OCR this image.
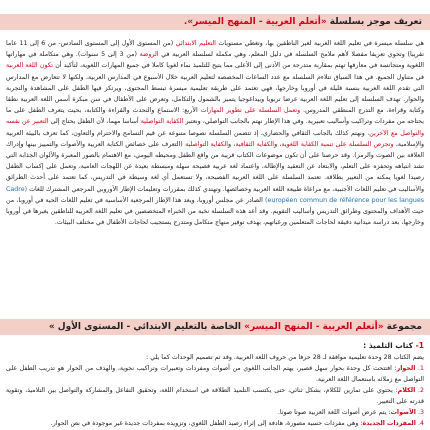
تعريف موجز بسلسلة «أتعلم العربية - المنهج الميسر».
هي سلسلة ميسرة في تعليم اللغة العربية لغير الناطقين بها، وتغطي مستويات التعليم الابتدائي (من المستوى الأول إلى المستوى السادس- من 6 إلى 11 عاما تقريبا) وتحوي تعريفا مفصلا لأهم ملامح السلسلة في دليل المعلم، وهي مكملة لسلسلة العربية في الروضة (من 3 إلى 5 سنوات). وهي متكاملة في مهاراتها اللغوية ومتجانسة في معارفها تهتم بمقاربة متدرجة من الأدنى إلى الأعلى مما يتيح للتلميذ نماء لغويا كاملا في جميع المهارات اللغوية، لتأكيد أن تكون اللغة العربية في متناول الجميع. في هذا السياق تتلاءم السلسلة مع عدد الساعات المخصصة لتعليم العربية خلال الأسبوع في المدارس العربية، ولكنها لا تتعارض مع المدارس التي تقدم اللغة العربية بنسبة قليلة في أوروبا وخارجها، فهي تعتمد على طريقة تعليمية ميسرة تبسط المحتوى، ويرتكز فيها الطفل على المشاهدة والتجربة والحوار. تهدف السلسلة إلى تعليم اللغة العربية عرضا تربويا وبيداغوجيا يتميز بالشمول والتكامل، وتعرض على الأطفال في سن مبكرة أسس اللغة العربية نطقا وكتابة وقراءة، مع التدرج المنطقي المدروس. وتعمل السلسلة على تطوير المهارات الأربع: الاستماع والتحدث والقراءة والكتابة، بحيث يتعرف الطفل على ما يحتاجه من مفردات وتراكيب وأساليب تعبيرية. وفي هذا الإطار نهتم بالجانب التواصلي، ونعتبر الكفاية التواصلية أساسا مهما، لأن الطفل يحتاج إلى التعبير عن نفسه والتواصل مع الآخرين. ونهتم كذلك بالجانب الثقافي والحضاري، إذ تتضمن السلسلة نصوصا متنوعة عن قيم التسامح والاحترام والتعاون، كما تعرف بالبيئة العربية والإسلامية، وتحرص السلسلة على تنمية الكفاية اللغوية، والكفاية الثقافية، والكفاية التواصلية (التعرف على خصائص الكتابة العربية والأصوات والتمييز بينها وإدراك العلاقة بين الصوت والرمز). وقد حرصنا على أن تكون موضوعات الكتاب قريبة من واقع الطفل ومحيطه اليومي، مع الاهتمام بالصور المعبرة والألوان الجذابة التي تشد انتباهه وتحفزه على التعلم، والابتعاد عن التعقيد والإطالة، واعتماد لغة عربية فصيحة سهلة ومبسطة بعيدة عن اللهجات العامية، وتعمل على إكساب الطفل رصيدا لغويا يمكنه من التعبير بطلاقة. تعتمد السلسلة على اللغة العربية الفصيحة، ولا تستعمل أي لغة وسيطة في التدريس، كما تعتمد على أحدث الطرائق والأساليب في تعليم اللغات الأجنبية، مع مراعاة طبيعة اللغة العربية وخصائصها. وتهتدي كذلك بمقررات وتعليمات الإطار الأوروبي المرجعي المشترك للغات (Cadre européen commun de référence pour les langues) الصادر عن مجلس أوروبا، ويعد هذا الإطار المرجعية الأساسية في تعليم اللغات الحية في أوروبا، من حيث الأهداف والمحتوى وطرائق التدريس وأساليب التقويم. وقد أعد هذه السلسلة نخبة من الخبراء المتخصصين في تعليم اللغة العربية للناطقين بغيرها في أوروبا وخارجها، بعد دراسة ميدانية دقيقة لحاجات المتعلمين ورغباتهم، بهدف توفير منهاج متكامل ومتدرج يستجيب لحاجات الأطفال في مختلف البيئات.
مجموعة «أتعلم العربية - المنهج الميسر» الخاصة بالتعليم الابتدائي - المستوى الأول »
1- كتاب التلميذ :
يضم الكتاب 28 وحدة تعليمية موافقة لـ 28 حرفا من حروف اللغة العربية. وقد تم تصميم الوحدات كما يلي :
1. الحوار: افتتحت كل وحدة بحوار سهل قصير، يهتم الجانب اللغوي من أصوات ومفردات وتعبيرات وتراكيب نحوية، والهدف من الحوار هو تدريب الطفل على التواصل مع زملائه باستعمال اللغة العربية.
2. الكلام: يحتوي على تمارين للكلام، بشكل ثنائي، حتى يكتسب التلميذ الطلاقة في استخدام اللغة، وتحقيق التفاعل والمشاركة والتواصل بين التلاميذ، وتقوية قدرته على التعبير.
3. الأصوات: يتم عرض أصوات اللغة العربية صوتا صوتا.
4. المفردات الجديدة: وهي مفردات حسية مصورة، هادفة إلى إثراء رصيد الطفل اللغوي، وتزويده بمفردات جديدة غير موجودة في نص الحوار.
